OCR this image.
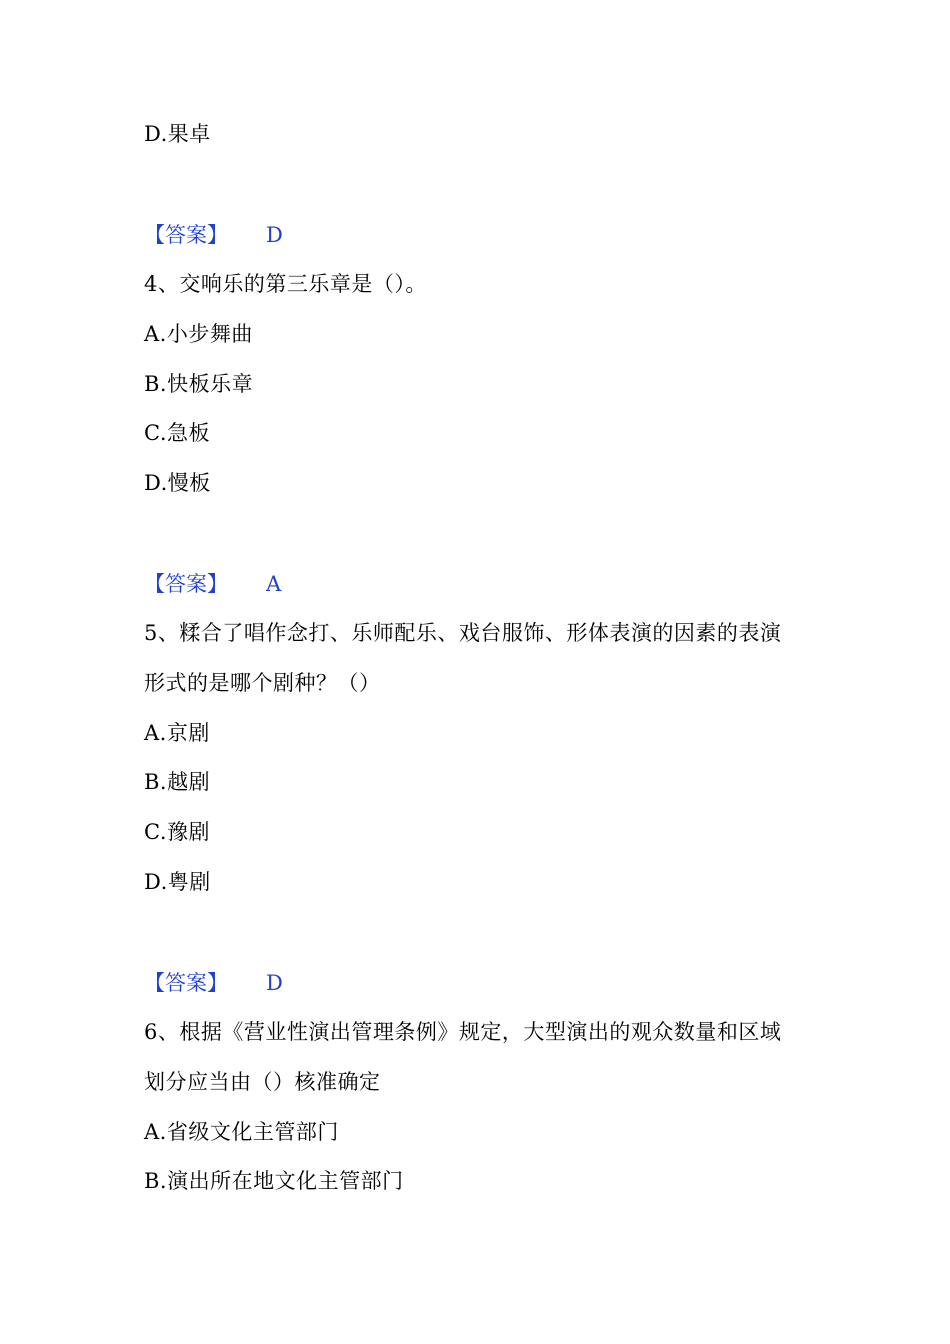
D.果卓
【答案】 D
4、交响乐的第三乐章是（）。
A.小步舞曲
B.快板乐章
C.急板
D.慢板
【答案】 A
5、糅合了唱作念打、乐师配乐、戏台服饰、形体表演的因素的表演
形式的是哪个剧种？（）
A.京剧
B.越剧
C.豫剧
D.粤剧
【答案】 D
6、根据《营业性演出管理条例》规定，大型演出的观众数量和区域
划分应当由（）核准确定
A.省级文化主管部门
B.演出所在地文化主管部门
